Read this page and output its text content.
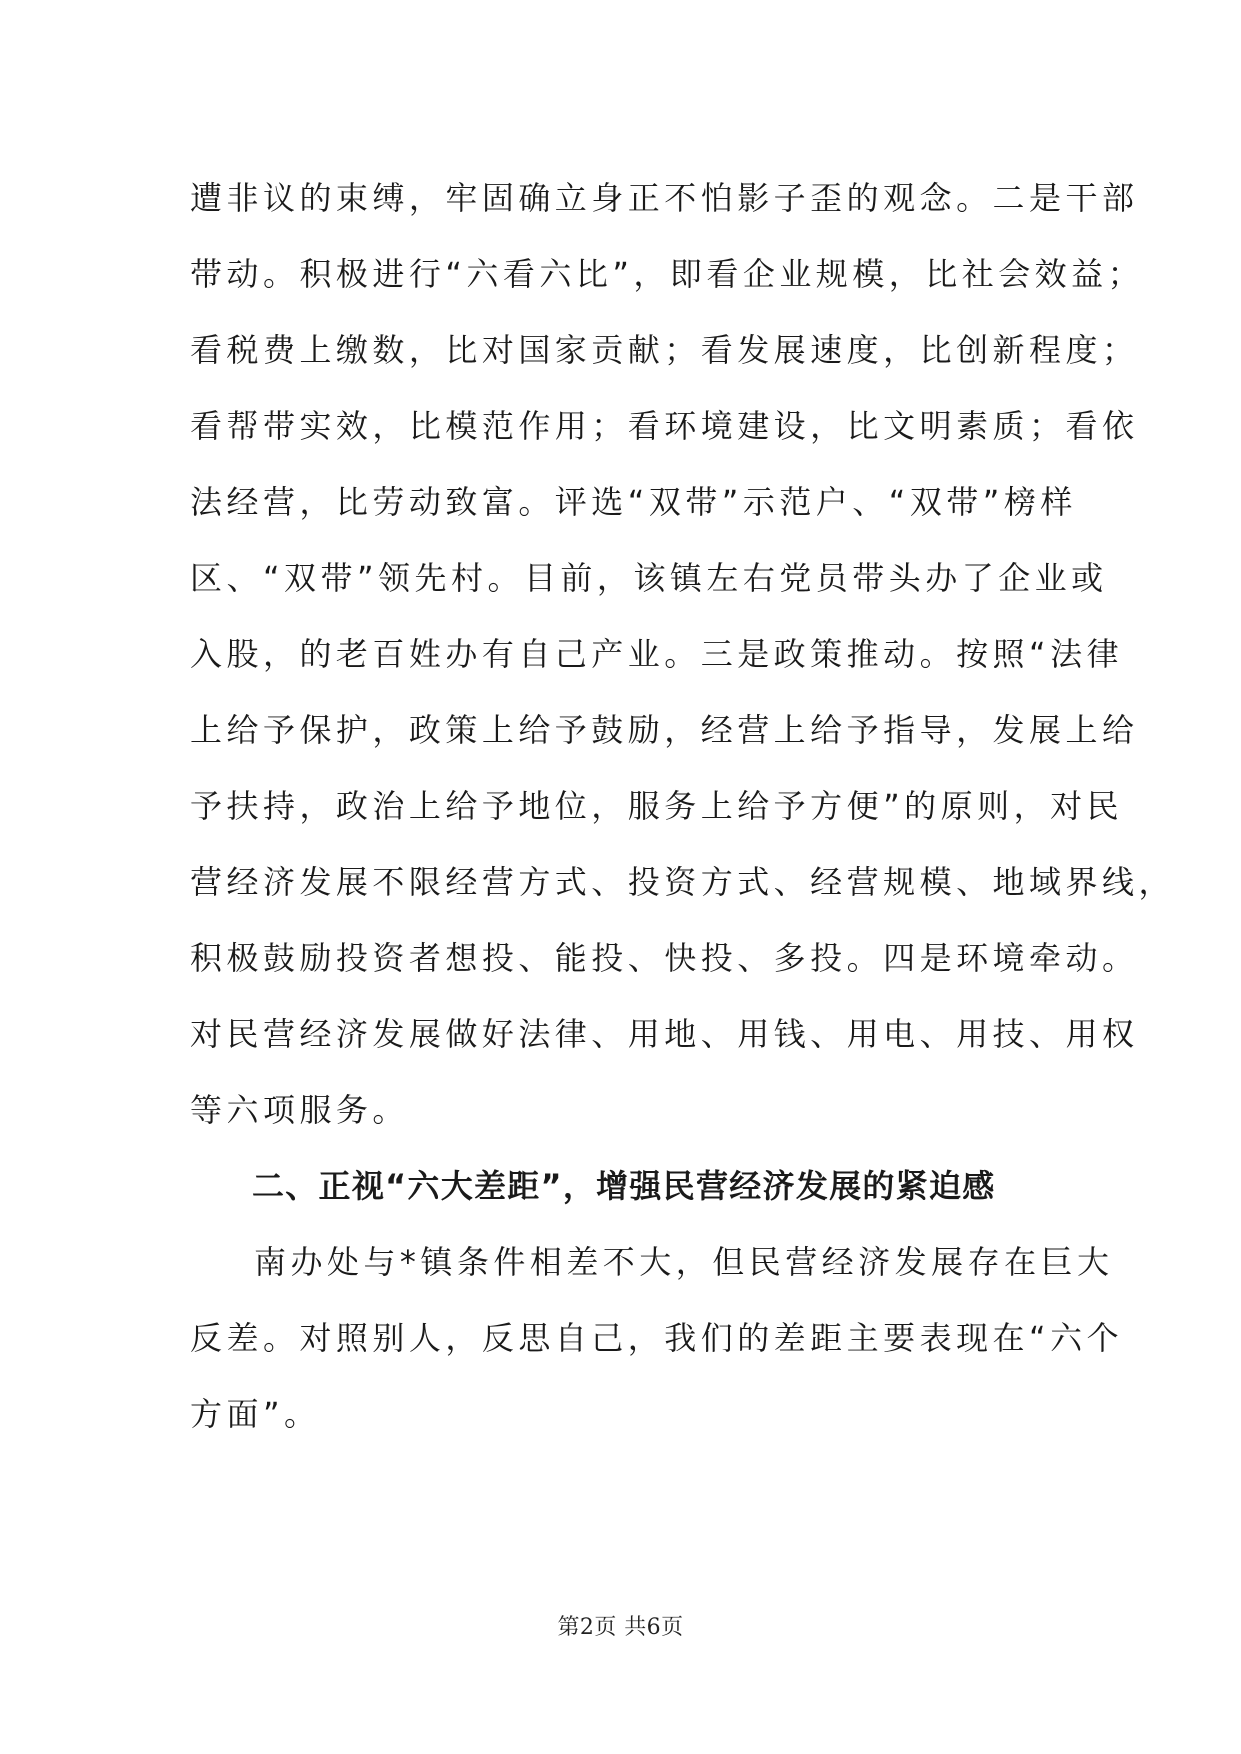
遭非议的束缚，牢固确立身正不怕影子歪的观念。二是干部
带动。积极进行“六看六比”，即看企业规模，比社会效益；
看税费上缴数，比对国家贡献；看发展速度，比创新程度；
看帮带实效，比模范作用；看环境建设，比文明素质；看依
法经营，比劳动致富。评选“双带”示范户、“双带”榜样
区、“双带”领先村。目前，该镇左右党员带头办了企业或
入股，的老百姓办有自己产业。三是政策推动。按照“法律
上给予保护，政策上给予鼓励，经营上给予指导，发展上给
予扶持，政治上给予地位，服务上给予方便”的原则，对民
营经济发展不限经营方式、投资方式、经营规模、地域界线，
积极鼓励投资者想投、能投、快投、多投。四是环境牵动。
对民营经济发展做好法律、用地、用钱、用电、用技、用权
等六项服务。
二、正视“六大差距”，增强民营经济发展的紧迫感
南办处与*镇条件相差不大，但民营经济发展存在巨大
反差。对照别人，反思自己，我们的差距主要表现在“六个
方面”。
第2页 共6页
